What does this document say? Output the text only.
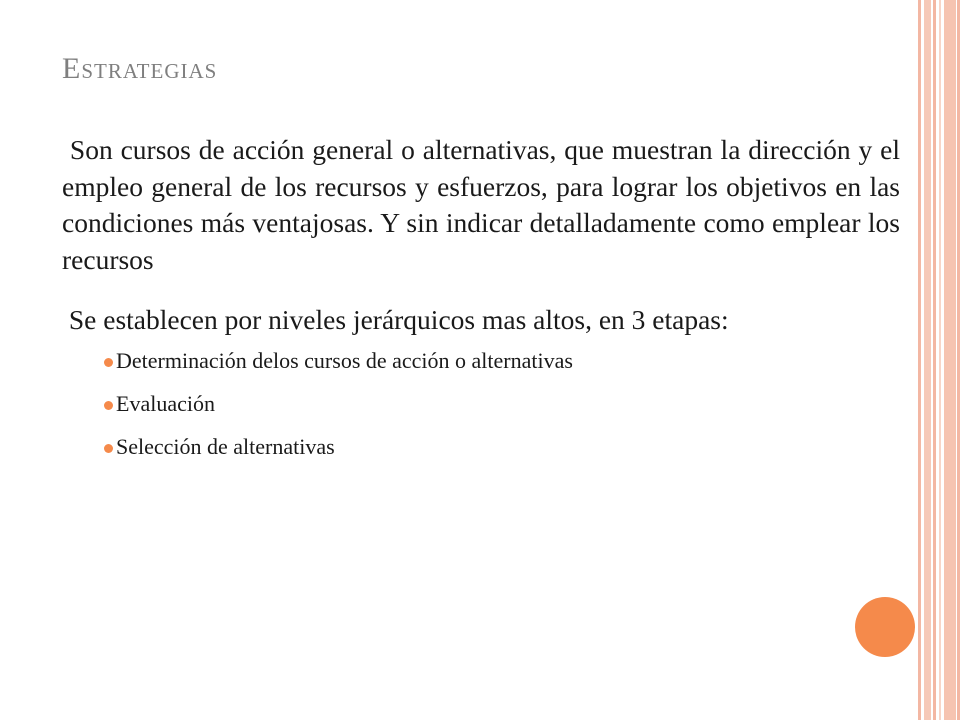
Estrategias

Son cursos de acción general o alternativas, que muestran la dirección y el empleo general de los recursos y esfuerzos, para lograr los objetivos en las condiciones más ventajosas. Y sin indicar detalladamente como emplear los recursos

Se establecen por niveles jerárquicos mas altos, en 3 etapas:

Determinación delos cursos de acción o alternativas
Evaluación
Selección de alternativas
